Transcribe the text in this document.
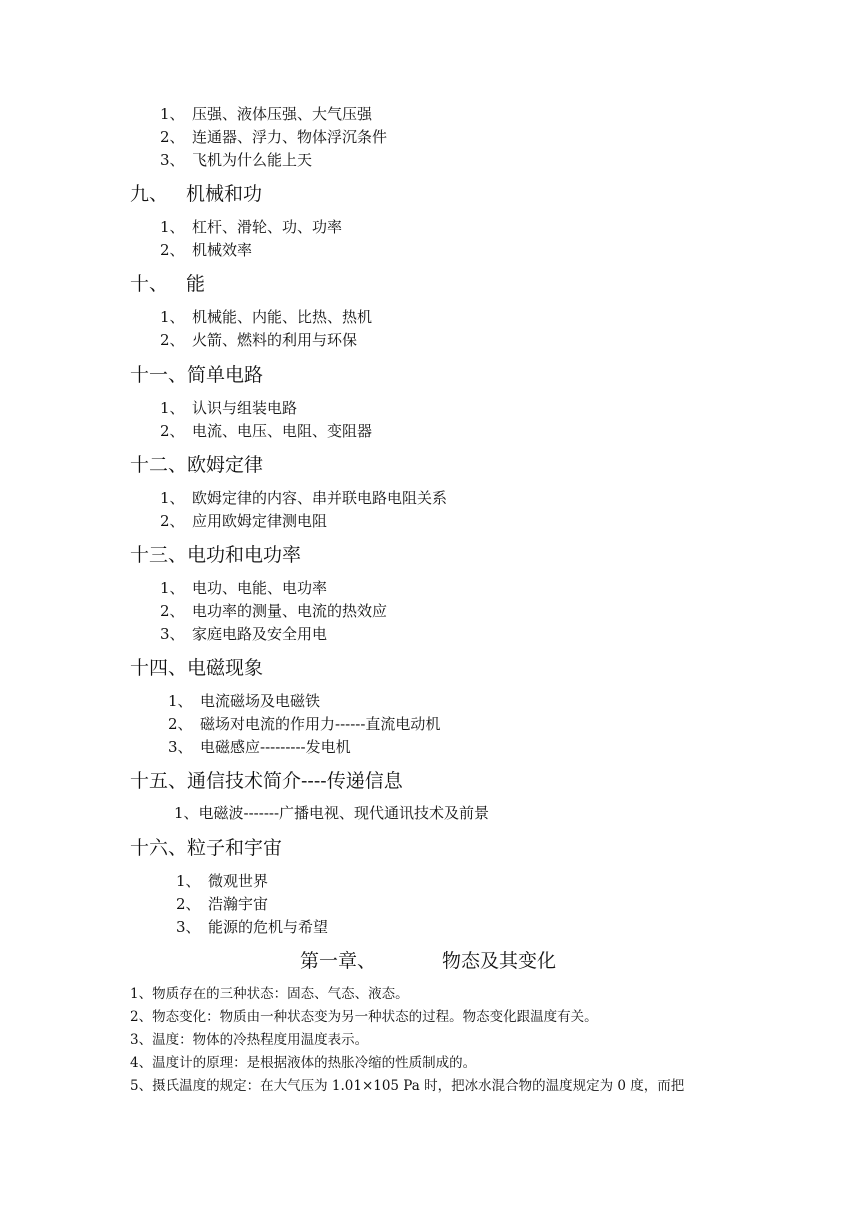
1、 压强、液体压强、大气压强
2、 连通器、浮力、物体浮沉条件
3、 飞机为什么能上天
九、 机械和功
1、 杠杆、滑轮、功、功率
2、 机械效率
十、 能
1、 机械能、内能、比热、热机
2、 火箭、燃料的利用与环保
十一、简单电路
1、 认识与组装电路
2、 电流、电压、电阻、变阻器
十二、欧姆定律
1、 欧姆定律的内容、串并联电路电阻关系
2、 应用欧姆定律测电阻
十三、电功和电功率
1、 电功、电能、电功率
2、 电功率的测量、电流的热效应
3、 家庭电路及安全用电
十四、电磁现象
1、 电流磁场及电磁铁
2、 磁场对电流的作用力------直流电动机
3、 电磁感应---------发电机
十五、通信技术简介----传递信息
1、电磁波-------广播电视、现代通讯技术及前景
十六、粒子和宇宙
1、 微观世界
2、 浩瀚宇宙
3、 能源的危机与希望
第一章、	物态及其变化
1、物质存在的三种状态：固态、气态、液态。
2、物态变化：物质由一种状态变为另一种状态的过程。物态变化跟温度有关。
3、温度：物体的冷热程度用温度表示。
4、温度计的原理：是根据液体的热胀冷缩的性质制成的。
5、摄氏温度的规定：在大气压为 1.01×105 Pa 时，把冰水混合物的温度规定为 0 度，而把
